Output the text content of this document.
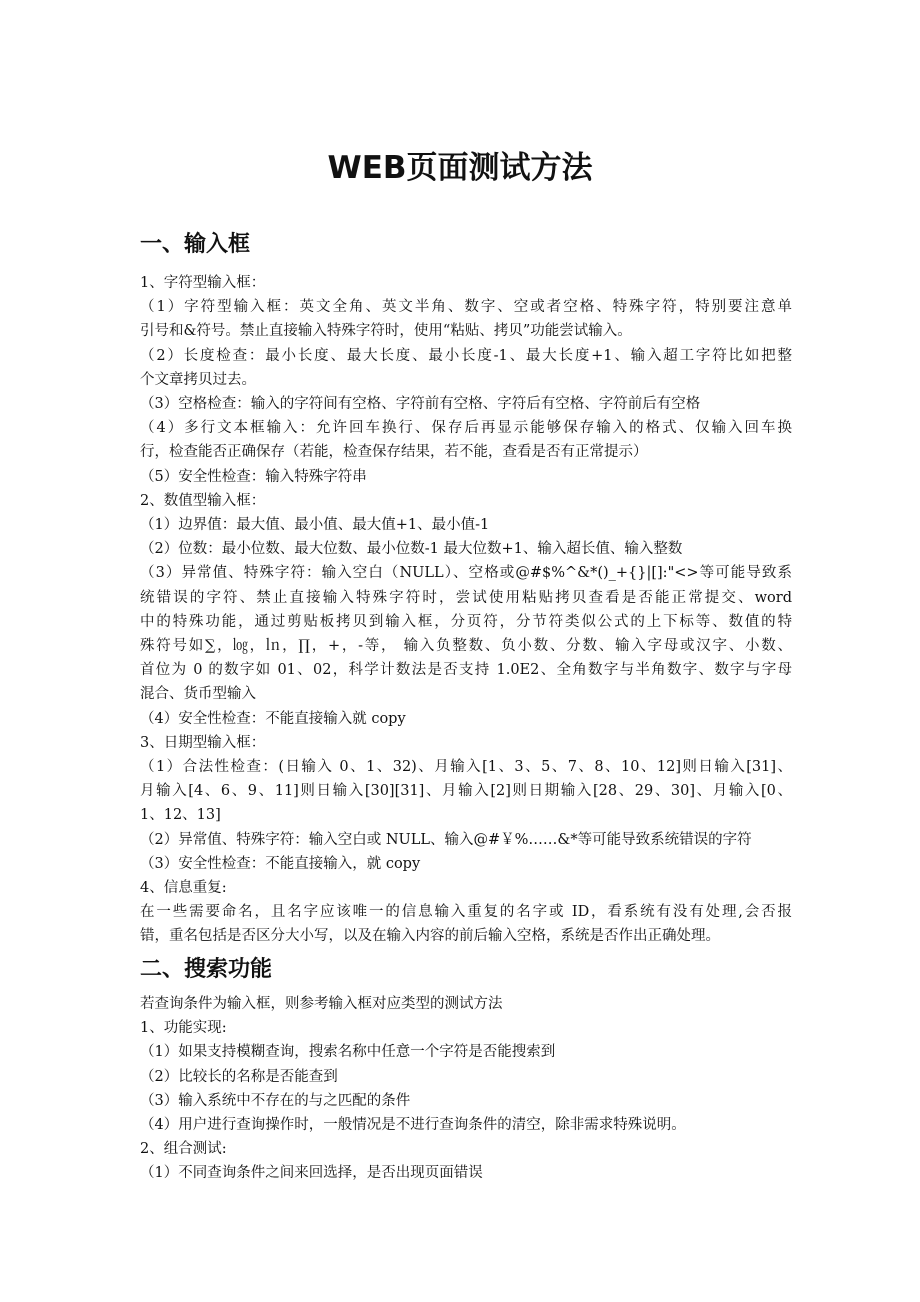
WEB页面测试方法
一、输入框
1、字符型输入框：
（1）字符型输入框：英文全角、英文半角、数字、空或者空格、特殊字符，特别要注意单
引号和&符号。禁止直接输入特殊字符时，使用“粘贴、拷贝”功能尝试输入。
（2）长度检查：最小长度、最大长度、最小长度-1、最大长度+1、输入超工字符比如把整
个文章拷贝过去。
（3）空格检查：输入的字符间有空格、字符前有空格、字符后有空格、字符前后有空格
（4）多行文本框输入：允许回车换行、保存后再显示能够保存输入的格式、仅输入回车换
行，检查能否正确保存（若能，检查保存结果，若不能，查看是否有正常提示）
（5）安全性检查：输入特殊字符串
2、数值型输入框：
（1）边界值：最大值、最小值、最大值+1、最小值-1
（2）位数：最小位数、最大位数、最小位数-1 最大位数+1、输入超长值、输入整数
（3）异常值、特殊字符：输入空白（NULL）、空格或@#$%^&*()_+{}|[]:"<>等可能导致系
统错误的字符、禁止直接输入特殊字符时，尝试使用粘贴拷贝查看是否能正常提交、word
中的特殊功能，通过剪贴板拷贝到输入框，分页符，分节符类似公式的上下标等、数值的特
殊符号如∑，㏒，㏑，∏，+，-等， 输入负整数、负小数、分数、输入字母或汉字、小数、
首位为 0 的数字如 01、02，科学计数法是否支持 1.0E2、全角数字与半角数字、数字与字母
混合、货币型输入
（4）安全性检查：不能直接输入就 copy
3、日期型输入框：
（1）合法性检查：(日输入 0、1、32)、月输入[1、3、5、7、8、10、12]则日输入[31]、
月输入[4、6、9、11]则日输入[30][31]、月输入[2]则日期输入[28、29、30]、月输入[0、
1、12、13]
（2）异常值、特殊字符：输入空白或 NULL、输入@#￥%……&*等可能导致系统错误的字符
（3）安全性检查：不能直接输入，就 copy
4、信息重复:
在一些需要命名，且名字应该唯一的信息输入重复的名字或 ID，看系统有没有处理,会否报
错，重名包括是否区分大小写，以及在输入内容的前后输入空格，系统是否作出正确处理。
二、搜索功能
若查询条件为输入框，则参考输入框对应类型的测试方法
1、功能实现:
（1）如果支持模糊查询，搜索名称中任意一个字符是否能搜索到
（2）比较长的名称是否能查到
（3）输入系统中不存在的与之匹配的条件
（4）用户进行查询操作时，一般情况是不进行查询条件的清空，除非需求特殊说明。
2、组合测试:
（1）不同查询条件之间来回选择，是否出现页面错误
